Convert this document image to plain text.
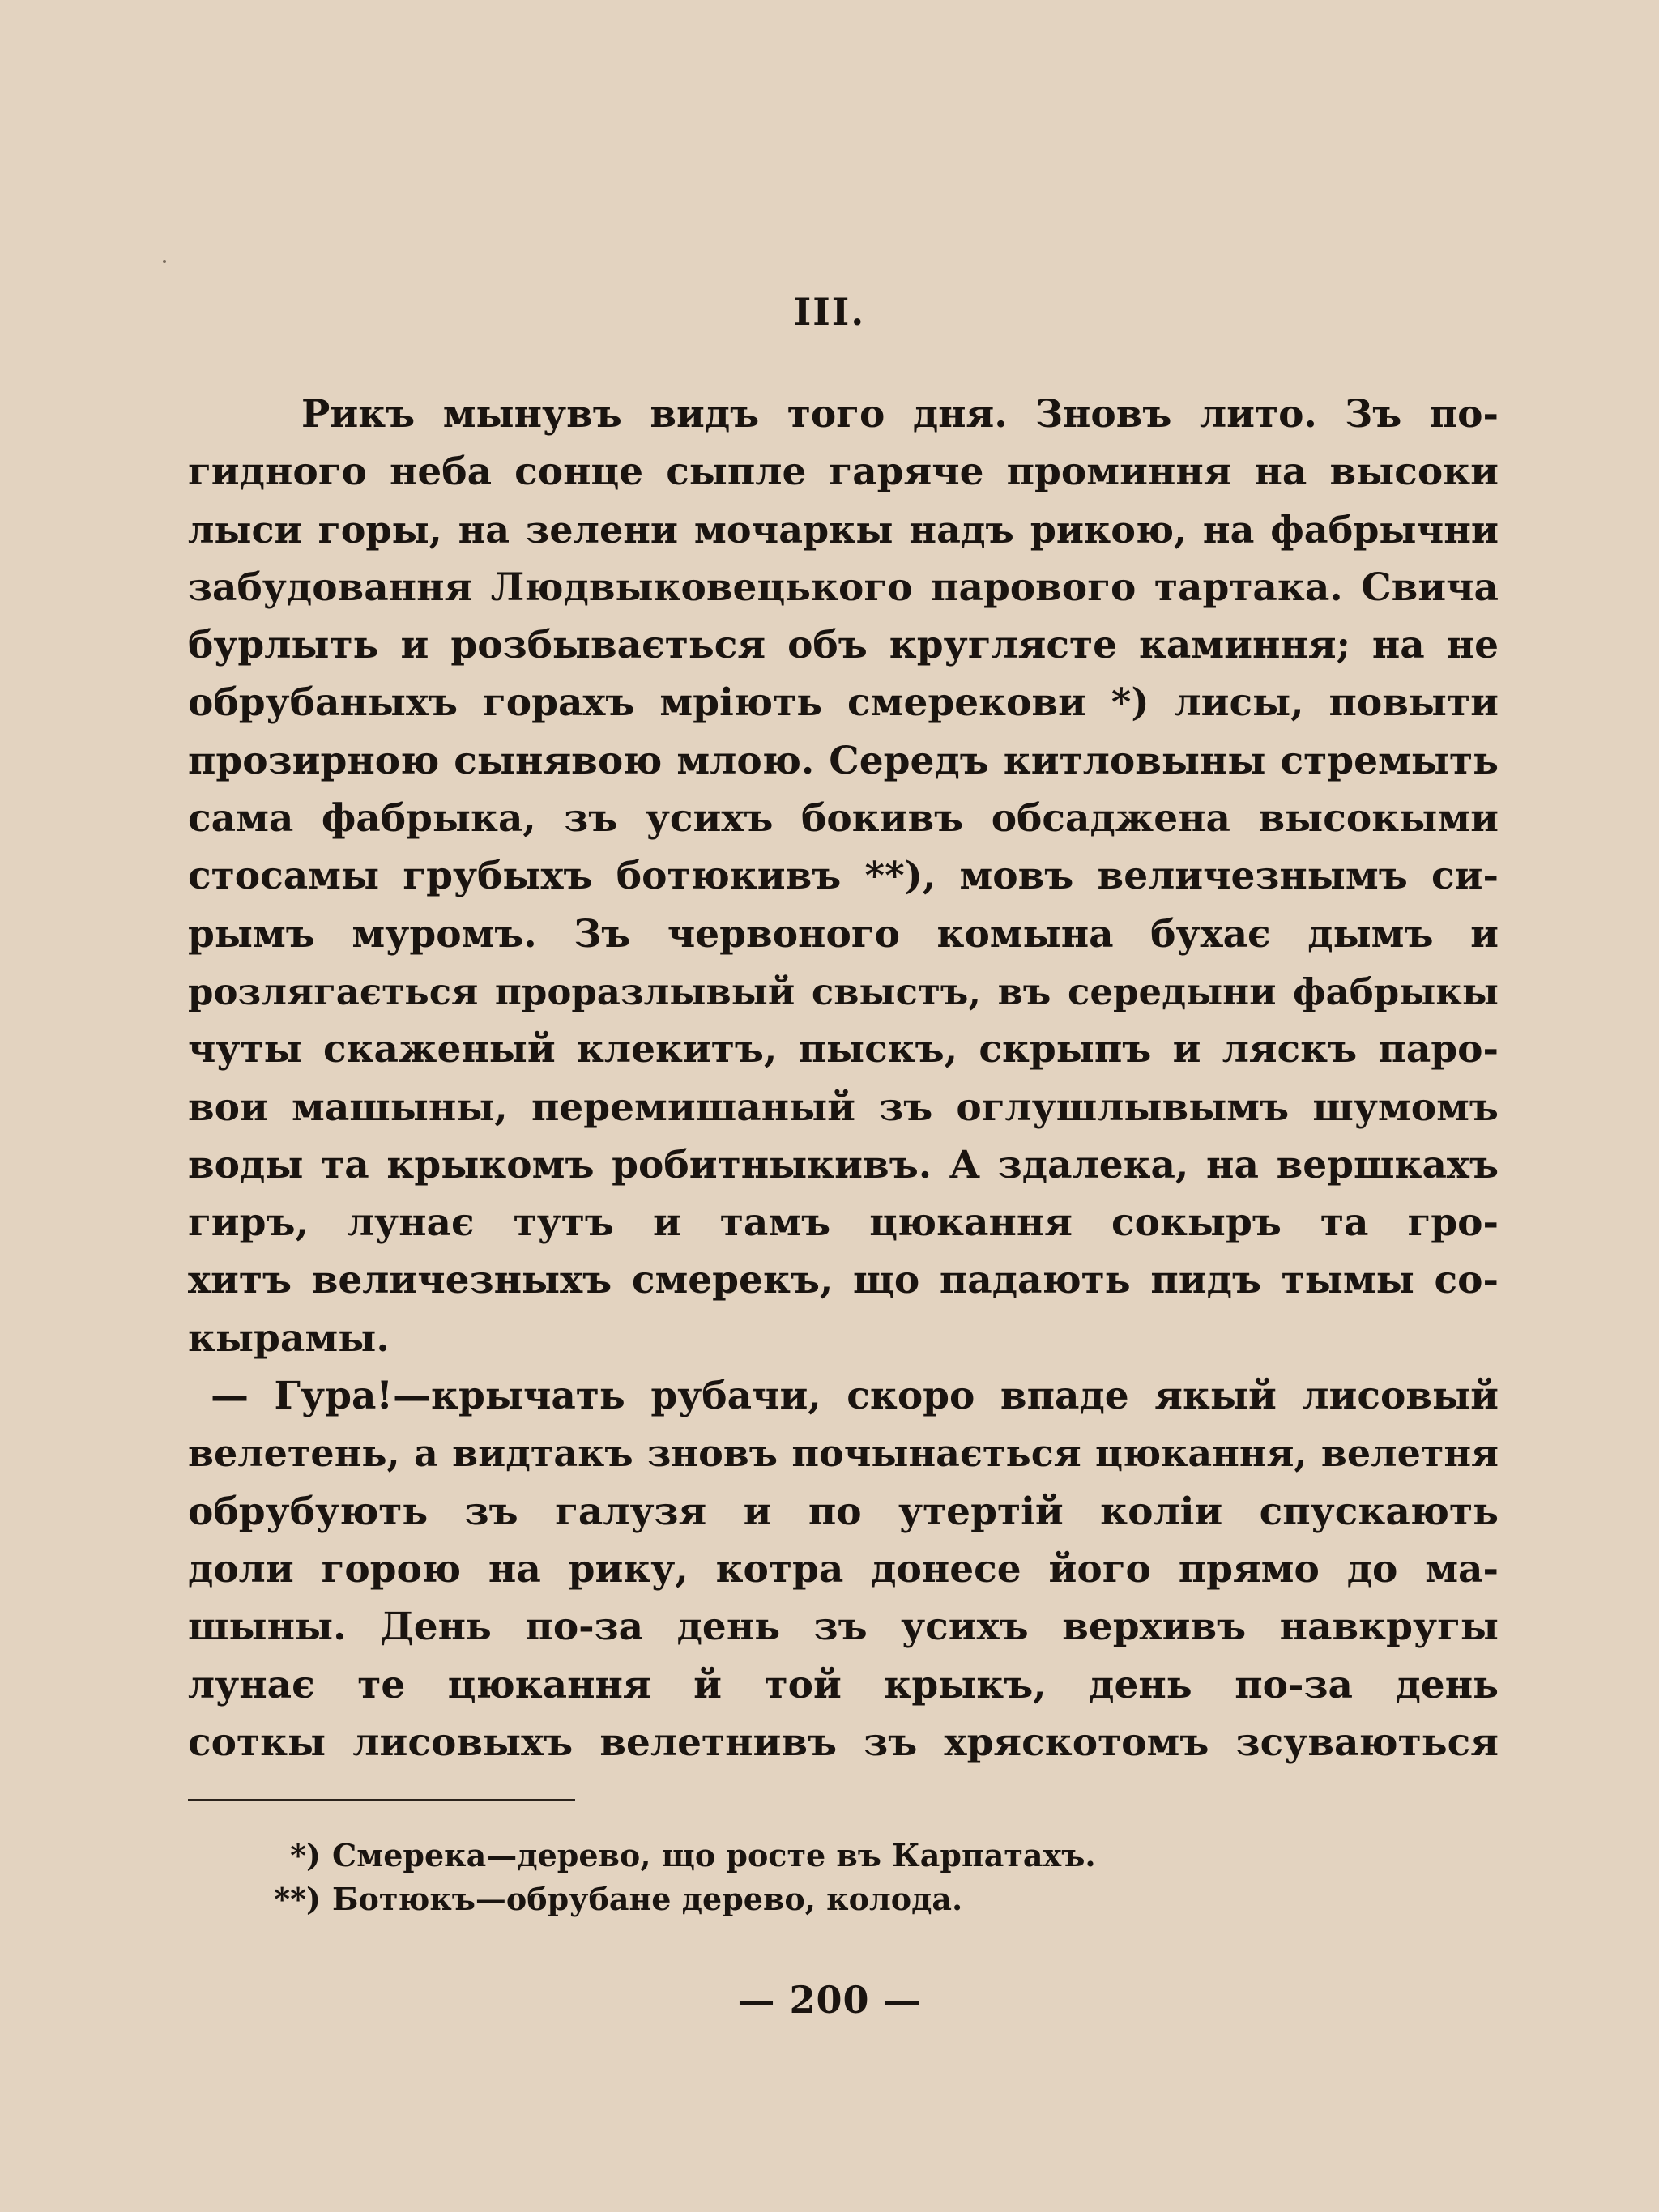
III.
Рикъ мынувъ видъ того дня. Зновъ лито. Зъ по-
гидного неба сонце сыпле гаряче проминня на высоки
лыси горы, на зелени мочаркы надъ рикою, на фабрычни
забудовання Людвыковецького парового тартака. Свича
бурлыть и розбывається объ круглясте каминня; на не
обрубаныхъ горахъ мріють смерекови *) лисы, повыти
прозирною сынявою млою. Середъ китловыны стремыть
сама фабрыка, зъ усихъ бокивъ обсаджена высокыми
стосамы грубыхъ ботюкивъ **), мовъ величезнымъ си-
рымъ муромъ. Зъ червоного комына бухає дымъ и
розлягається проразлывый свыстъ, въ середыни фабрыкы
чуты скаженый клекитъ, пыскъ, скрыпъ и ляскъ паро-
вои машыны, перемишаный зъ оглушлывымъ шумомъ
воды та крыкомъ робитныкивъ. А здалека, на вершкахъ
гиръ, лунає тутъ и тамъ цюкання сокыръ та гро-
хитъ величезныхъ смерекъ, що падають пидъ тымы со-
кырамы.
— Гура!—крычать рубачи, скоро впаде якый лисовый
велетень, а видтакъ зновъ почынається цюкання, велетня
обрубують зъ галузя и по утертій коліи спускають
доли горою на рику, котра донесе його прямо до ма-
шыны. День по-за день зъ усихъ верхивъ навкругы
лунає те цюкання й той крыкъ, день по-за день
соткы лисовыхъ велетнивъ зъ хряскотомъ зсуваються
*) Смерека—дерево, що росте въ Карпатахъ.
**) Ботюкъ—обрубане дерево, колода.
— 200 —
